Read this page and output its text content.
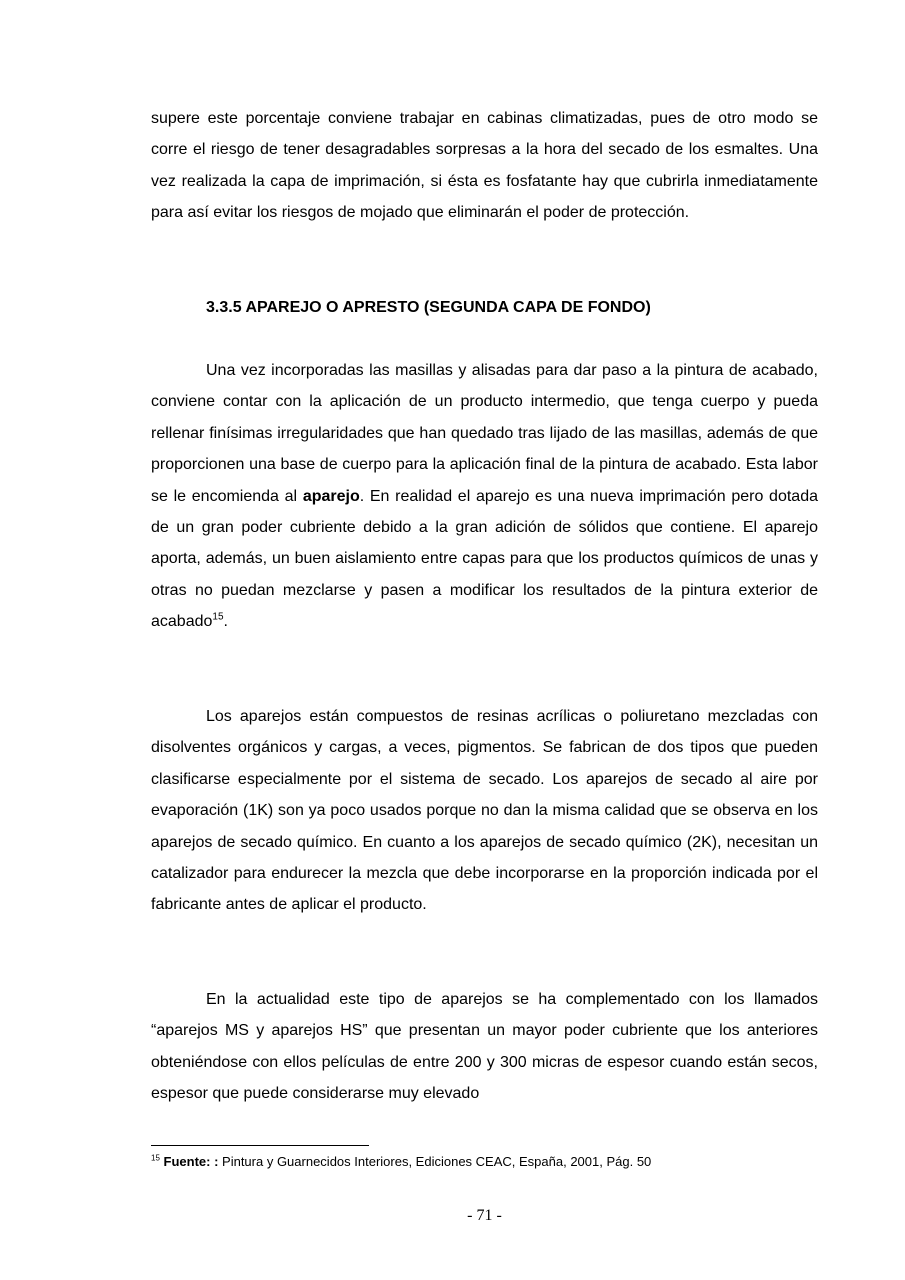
supere este porcentaje conviene trabajar en cabinas climatizadas, pues de otro modo se corre el riesgo de tener desagradables sorpresas a la hora del secado de los esmaltes. Una vez realizada la capa de imprimación, si ésta es fosfatante hay que cubrirla inmediatamente para así evitar los riesgos de mojado que eliminarán el poder de protección.

3.3.5 APAREJO O APRESTO (SEGUNDA CAPA DE FONDO)

Una vez incorporadas las masillas y alisadas para dar paso a la pintura de acabado, conviene contar con la aplicación de un producto intermedio, que tenga cuerpo y pueda rellenar finísimas irregularidades que han quedado tras lijado de las masillas, además de que proporcionen una base de cuerpo para la aplicación final de la pintura de acabado. Esta labor se le encomienda al aparejo. En realidad el aparejo es una nueva imprimación pero dotada de un gran poder cubriente debido a la gran adición de sólidos que contiene. El aparejo aporta, además, un buen aislamiento entre capas para que los productos químicos de unas y otras no puedan mezclarse y pasen a modificar los resultados de la pintura exterior de acabado$^{15}$.

Los aparejos están compuestos de resinas acrílicas o poliuretano mezcladas con disolventes orgánicos y cargas, a veces, pigmentos. Se fabrican de dos tipos que pueden clasificarse especialmente por el sistema de secado. Los aparejos de secado al aire por evaporación (1K) son ya poco usados porque no dan la misma calidad que se observa en los aparejos de secado químico. En cuanto a los aparejos de secado químico (2K), necesitan un catalizador para endurecer la mezcla que debe incorporarse en la proporción indicada por el fabricante antes de aplicar el producto.

En la actualidad este tipo de aparejos se ha complementado con los llamados “aparejos MS y aparejos HS” que presentan un mayor poder cubriente que los anteriores obteniéndose con ellos películas de entre 200 y 300 micras de espesor cuando están secos, espesor que puede considerarse muy elevado

$^{15}$ Fuente: : Pintura y Guarnecidos Interiores, Ediciones CEAC, España, 2001, Pág. 50

- 71 -
